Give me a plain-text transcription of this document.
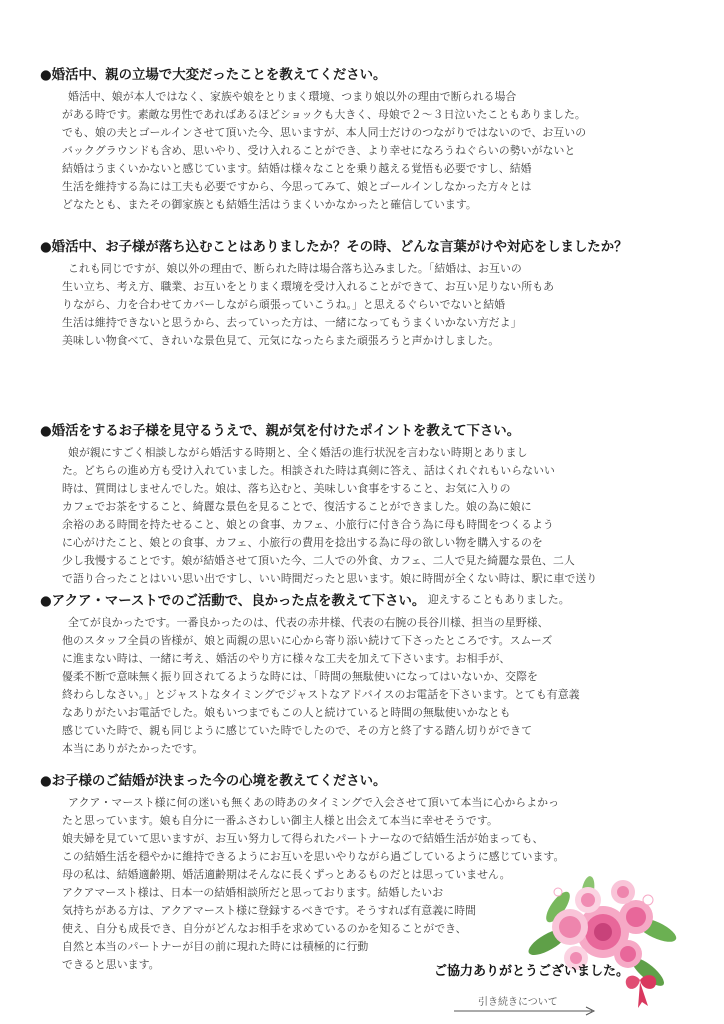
●婚活中、親の立場で大変だったことを教えてください。
婚活中、娘が本人ではなく、家族や娘をとりまく環境、つまり娘以外の理由で断られる場合
がある時です。素敵な男性であればあるほどショックも大きく、母娘で２〜３日泣いたこともありました。
でも、娘の夫とゴールインさせて頂いた今、思いますが、本人同士だけのつながりではないので、お互いの
バックグラウンドも含め、思いやり、受け入れることができ、より幸せになろうねぐらいの勢いがないと
結婚はうまくいかないと感じています。結婚は様々なことを乗り越える覚悟も必要ですし、結婚
生活を維持する為には工夫も必要ですから、今思ってみて、娘とゴールインしなかった方々とは
どなたとも、またその御家族とも結婚生活はうまくいかなかったと確信しています。
●婚活中、お子様が落ち込むことはありましたか？その時、どんな言葉がけや対応をしましたか？
これも同じですが、娘以外の理由で、断られた時は場合落ち込みました。「結婚は、お互いの
生い立ち、考え方、職業、お互いをとりまく環境を受け入れることができて、お互い足りない所もあ
りながら、力を合わせてカバーしながら頑張っていこうね。」と思えるぐらいでないと結婚
生活は維持できないと思うから、去っていった方は、一緒になってもうまくいかない方だよ」
美味しい物食べて、きれいな景色見て、元気になったらまた頑張ろうと声かけしました。
●婚活をするお子様を見守るうえで、親が気を付けたポイントを教えて下さい。
娘が親にすごく相談しながら婚活する時期と、全く婚活の進行状況を言わない時期とありまし
た。どちらの進め方も受け入れていました。相談された時は真剣に答え、話はくれぐれもいらないい
時は、質問はしませんでした。娘は、落ち込むと、美味しい食事をすること、お気に入りの
カフェでお茶をすること、綺麗な景色を見ることで、復活することができました。娘の為に娘に
余裕のある時間を持たせること、娘との食事、カフェ、小旅行に付き合う為に母も時間をつくるよう
に心がけたこと、娘との食事、カフェ、小旅行の費用を捻出する為に母の欲しい物を購入するのを
少し我慢することです。娘が結婚させて頂いた今、二人での外食、カフェ、二人で見た綺麗な景色、二人
で語り合ったことはいい思い出ですし、いい時間だったと思います。娘に時間が全くない時は、駅に車で送り
●アクア・マーストでのご活動で、良かった点を教えて下さい。 迎えすることもありました。
全てが良かったです。一番良かったのは、代表の赤井様、代表の右腕の長谷川様、担当の星野様、
他のスタッフ全員の皆様が、娘と両親の思いに心から寄り添い続けて下さったところです。スムーズ
に進まない時は、一緒に考え、婚活のやり方に様々な工夫を加えて下さいます。お相手が、
優柔不断で意味無く振り回されてるような時には、「時間の無駄使いになってはいないか、交際を
終わらしなさい。」とジャストなタイミングでジャストなアドバイスのお電話を下さいます。とても有意義
なありがたいお電話でした。娘もいつまでもこの人と続けていると時間の無駄使いかなとも
感じていた時で、親も同じように感じていた時でしたので、その方と終了する踏ん切りができて
本当にありがたかったです。
●お子様のご結婚が決まった今の心境を教えてください。
アクア・マースト様に何の迷いも無くあの時あのタイミングで入会させて頂いて本当に心からよかっ
たと思っています。娘も自分に一番ふさわしい御主人様と出会えて本当に幸せそうです。
娘夫婦を見ていて思いますが、お互い努力して得られたパートナーなので結婚生活が始まっても、
この結婚生活を穏やかに維持できるようにお互いを思いやりながら過ごしているように感じています。
母の私は、結婚適齢期、婚活適齢期はそんなに長くずっとあるものだとは思っていません。
アクアマースト様は、日本一の結婚相談所だと思っております。結婚したいお
気持ちがある方は、アクアマースト様に登録するべきです。そうすれば有意義に時間
使え、自分も成長でき、自分がどんなお相手を求めているのかを知ることができ、
自然と本当のパートナーが目の前に現れた時には積極的に行動
できると思います。	ご協力ありがとうございました。
引き続きについて
